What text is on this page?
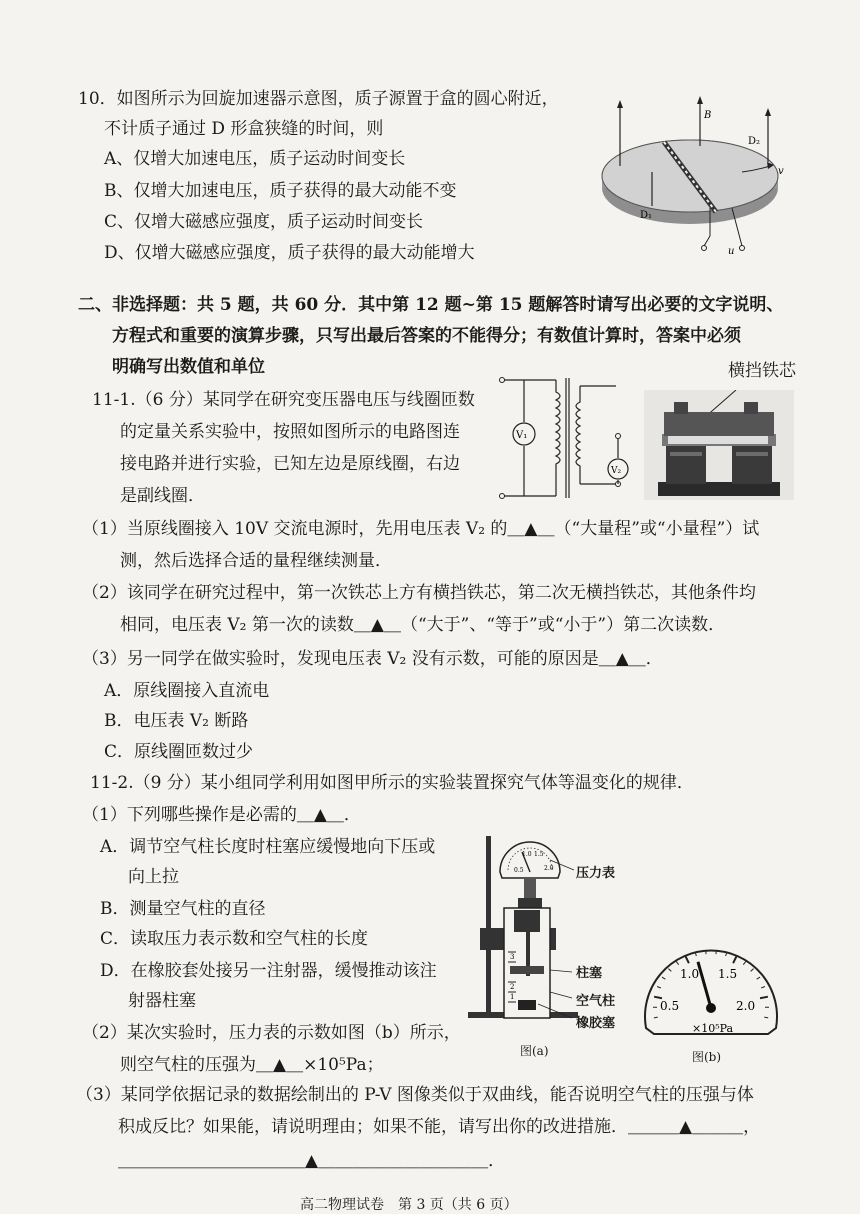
10．如图所示为回旋加速器示意图，质子源置于盒的圆心附近，
不计质子通过 D 形盒狭缝的时间，则
A、仅增大加速电压，质子运动时间变长
B、仅增大加速电压，质子获得的最大动能不变
C、仅增大磁感应强度，质子运动时间变长
D、仅增大磁感应强度，质子获得的最大动能增大
B
D₂
D₁
v
u
二、非选择题：共 5 题，共 60 分．其中第 12 题~第 15 题解答时请写出必要的文字说明、
方程式和重要的演算步骤，只写出最后答案的不能得分；有数值计算时，答案中必须
明确写出数值和单位
11-1.（6 分）某同学在研究变压器电压与线圈匝数
的定量关系实验中，按照如图所示的电路图连
接电路并进行实验，已知左边是原线圈，右边
是副线圈．
V₁
V₂
横挡铁芯
（1）当原线圈接入 10V 交流电源时，先用电压表 V₂ 的＿▲＿（“大量程”或“小量程”）试
测，然后选择合适的量程继续测量．
（2）该同学在研究过程中，第一次铁芯上方有横挡铁芯，第二次无横挡铁芯，其他条件均
相同，电压表 V₂ 第一次的读数＿▲＿（“大于”、“等于”或“小于”）第二次读数．
（3）另一同学在做实验时，发现电压表 V₂ 没有示数，可能的原因是＿▲＿．
A．原线圈接入直流电
B．电压表 V₂ 断路
C．原线圈匝数过少
11-2.（9 分）某小组同学利用如图甲所示的实验装置探究气体等温变化的规律．
（1）下列哪些操作是必需的＿▲＿．
A．调节空气柱长度时柱塞应缓慢地向下压或
向上拉
B．测量空气柱的直径
C．读取压力表示数和空气柱的长度
D．在橡胶套处接另一注射器，缓慢推动该注
射器柱塞
（2）某次实验时，压力表的示数如图（b）所示，
则空气柱的压强为＿▲＿×10⁵Pa；
0.5
1.0 1.5
2.0
3
2
1
压力表
柱塞
空气柱
橡胶塞
图(a)
0.5
1.0 1.5
2.0
×10⁵Pa
图(b)
（3）某同学依据记录的数据绘制出的 P-V 图像类似于双曲线，能否说明空气柱的压强与体
积成反比？如果能，请说明理由；如果不能，请写出你的改进措施．＿＿＿▲＿＿＿，
＿＿＿＿＿＿＿＿＿＿＿▲＿＿＿＿＿＿＿＿＿＿．
高二物理试卷　第 3 页（共 6 页）
